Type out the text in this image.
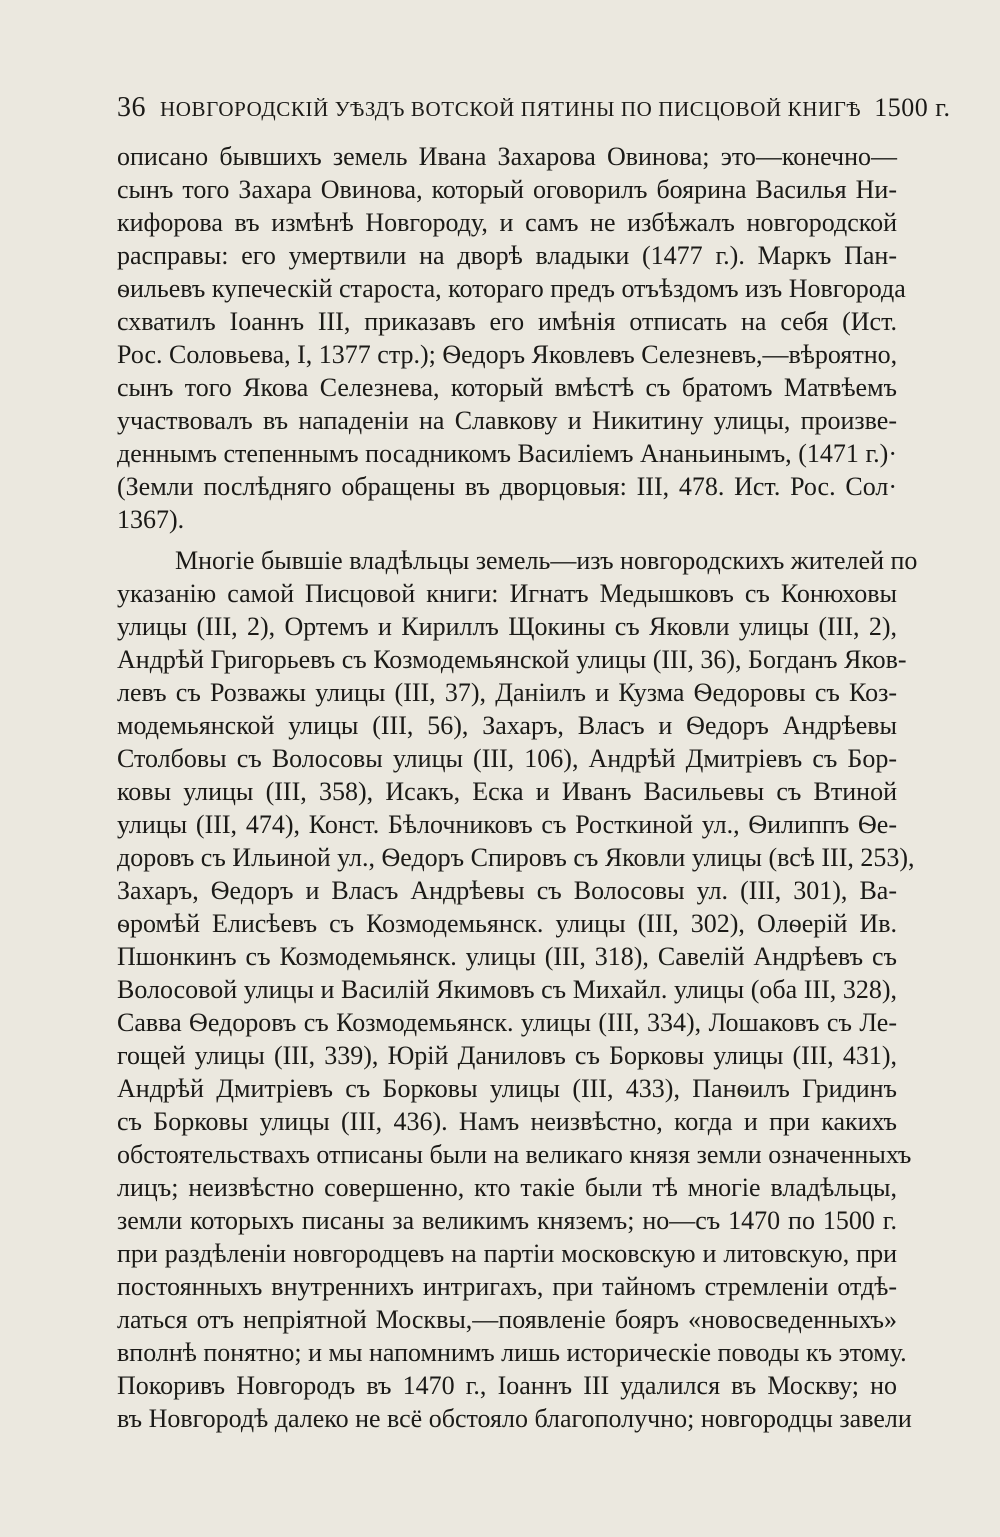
36 НОВГОРОДСКІЙ УѢЗДЪ ВОТСКОЙ ПЯТИНЫ ПО ПИСЦОВОЙ КНИГѢ 1500 г.
описано бывшихъ земель Ивана Захарова Овинова; это—конечно—
сынъ того Захара Овинова, который оговорилъ боярина Василья Ни-
кифорова въ измѣнѣ Новгороду, и самъ не избѣжалъ новгородской
расправы: его умертвили на дворѣ владыки (1477 г.). Маркъ Пан-
ѳильевъ купеческій староста, котораго предъ отъѣздомъ изъ Новгорода
схватилъ Іоаннъ III, приказавъ его имѣнія отписать на себя (Ист.
Рос. Соловьева, I, 1377 стр.); Ѳедоръ Яковлевъ Селезневъ,—вѣроятно,
сынъ того Якова Селезнева, который вмѣстѣ съ братомъ Матвѣемъ
участвовалъ въ нападеніи на Славкову и Никитину улицы, произве-
деннымъ степеннымъ посадникомъ Василіемъ Ананьинымъ, (1471 г.)·
(Земли послѣдняго обращены въ дворцовыя: III, 478. Ист. Рос. Сол·
1367).
Многіе бывшіе владѣльцы земель—изъ новгородскихъ жителей по
указанію самой Писцовой книги: Игнатъ Медышковъ съ Конюховы
улицы (III, 2), Ортемъ и Кириллъ Щокины съ Яковли улицы (III, 2),
Андрѣй Григорьевъ съ Козмодемьянской улицы (III, 36), Богданъ Яков-
левъ съ Розважы улицы (III, 37), Даніилъ и Кузма Ѳедоровы съ Коз-
модемьянской улицы (III, 56), Захаръ, Власъ и Ѳедоръ Андрѣевы
Столбовы съ Волосовы улицы (III, 106), Андрѣй Дмитріевъ съ Бор-
ковы улицы (III, 358), Исакъ, Еска и Иванъ Васильевы съ Втиной
улицы (III, 474), Конст. Бѣлочниковъ съ Росткиной ул., Ѳилиппъ Ѳе-
доровъ съ Ильиной ул., Ѳедоръ Спировъ съ Яковли улицы (всѣ III, 253),
Захаръ, Ѳедоръ и Власъ Андрѣевы съ Волосовы ул. (III, 301), Ва-
ѳромѣй Елисѣевъ съ Козмодемьянск. улицы (III, 302), Олѳерій Ив.
Пшонкинъ съ Козмодемьянск. улицы (III, 318), Савелій Андрѣевъ съ
Волосовой улицы и Василій Якимовъ съ Михайл. улицы (оба III, 328),
Савва Ѳедоровъ съ Козмодемьянск. улицы (III, 334), Лошаковъ съ Ле-
гощей улицы (III, 339), Юрій Даниловъ съ Борковы улицы (III, 431),
Андрѣй Дмитріевъ съ Борковы улицы (III, 433), Панѳилъ Гридинъ
съ Борковы улицы (III, 436). Намъ неизвѣстно, когда и при какихъ
обстоятельствахъ отписаны были на великаго князя земли означенныхъ
лицъ; неизвѣстно совершенно, кто такіе были тѣ многіе владѣльцы,
земли которыхъ писаны за великимъ княземъ; но—съ 1470 по 1500 г.
при раздѣленіи новгородцевъ на партіи московскую и литовскую, при
постоянныхъ внутреннихъ интригахъ, при тайномъ стремленіи отдѣ-
латься отъ непріятной Москвы,—появленіе бояръ «новосведенныхъ»
вполнѣ понятно; и мы напомнимъ лишь историческіе поводы къ этому.
Покоривъ Новгородъ въ 1470 г., Іоаннъ III удалился въ Москву; но
въ Новгородѣ далеко не всё обстояло благополучно; новгородцы завели
